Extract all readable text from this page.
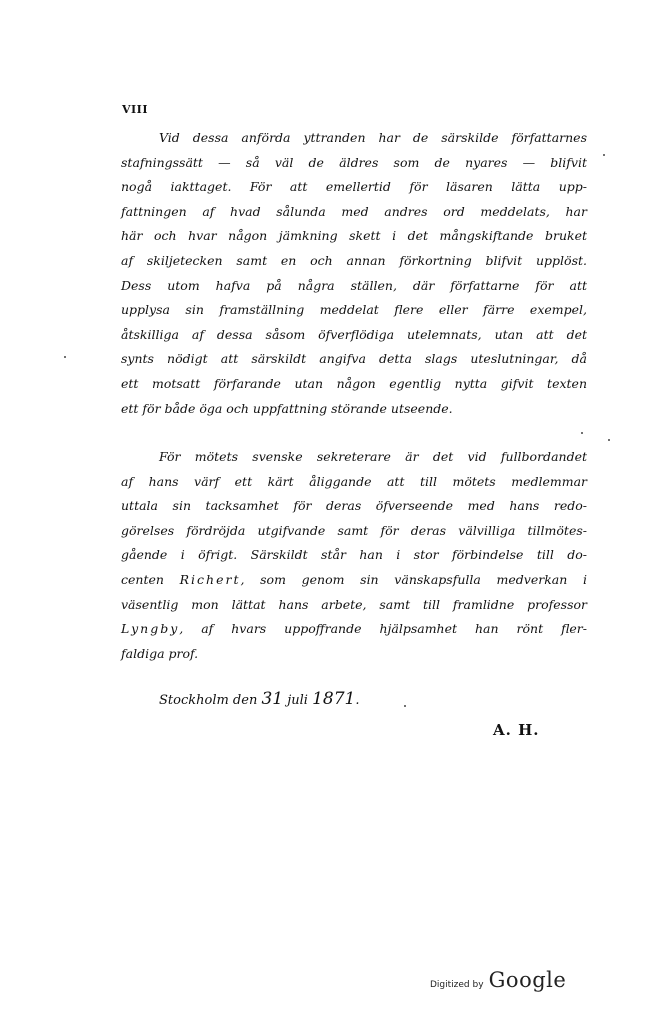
VIII
Vid dessa anförda yttranden har de särskilde författarnes
stafningssätt — så väl de äldres som de nyares — blifvit
nogå iakttaget. För att emellertid för läsaren lätta upp-
fattningen af hvad sålunda med andres ord meddelats, har
här och hvar någon jämkning skett i det mångskiftande bruket
af skiljetecken samt en och annan förkortning blifvit upplöst.
Dess utom hafva på några ställen, där författarne för att
upplysa sin framställning meddelat flere eller färre exempel,
åtskilliga af dessa såsom öfverflödiga utelemnats, utan att det
synts nödigt att särskildt angifva detta slags uteslutningar, då
ett motsatt förfarande utan någon egentlig nytta gifvit texten
ett för både öga och uppfattning störande utseende.
För mötets svenske sekreterare är det vid fullbordandet
af hans värf ett kärt åliggande att till mötets medlemmar
uttala sin tacksamhet för deras öfverseende med hans redo-
görelses fördröjda utgifvande samt för deras välvilliga tillmötes-
gående i öfrigt. Särskildt står han i stor förbindelse till do-
centen Richert, som genom sin vänskapsfulla medverkan i
väsentlig mon lättat hans arbete, samt till framlidne professor
Lyngby, af hvars uppoffrande hjälpsamhet han rönt fler-
faldiga prof.
Stockholm den 31 juli 1871.
A. H.
Digitized by Google
